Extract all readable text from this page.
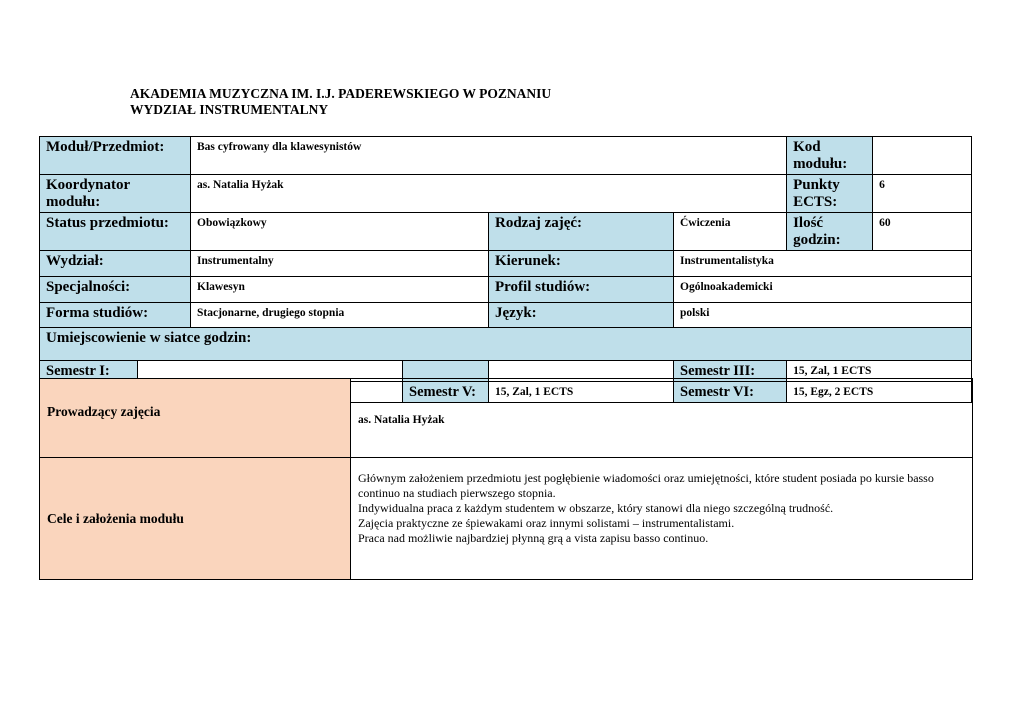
AKADEMIA MUZYCZNA IM. I.J. PADEREWSKIEGO W POZNANIU
WYDZIAŁ INSTRUMENTALNY
Moduł/Przedmiot:		Bas cyfrowany dla klawesynistów				Kod modułu:	
Koordynator modułu:		as. Natalia Hyżak				Punkty ECTS:	6
Status przedmiotu:		Obowiązkowy		Rodzaj zajęć:	Ćwiczenia	Ilość godzin:	60
Wydział:		Instrumentalny		Kierunek:	Instrumentalistyka		
Specjalności:		Klawesyn		Profil studiów:	Ogólnoakademicki		
Forma studiów:		Stacjonarne, drugiego stopnia		Język:	polski		
Umiejscowienie w siatce godzin:							
Semestr I:					Semestr III:	15, Zal, 1 ECTS	
		Semestr V:	15, Zal, 1 ECTS	Semestr VI:	15, Egz, 2 ECTS	
Prowadzący zajęcia	as. Natalia Hyżak
Cele i założenia modułu	Głównym założeniem przedmiotu jest pogłębienie wiadomości oraz umiejętności, które student posiada po kursie basso continuo na studiach pierwszego stopnia.
Indywidualna praca z każdym studentem w obszarze, który stanowi dla niego szczególną trudność.
Zajęcia praktyczne ze śpiewakami oraz innymi solistami – instrumentalistami.
Praca nad możliwie najbardziej płynną grą a vista zapisu basso continuo.
